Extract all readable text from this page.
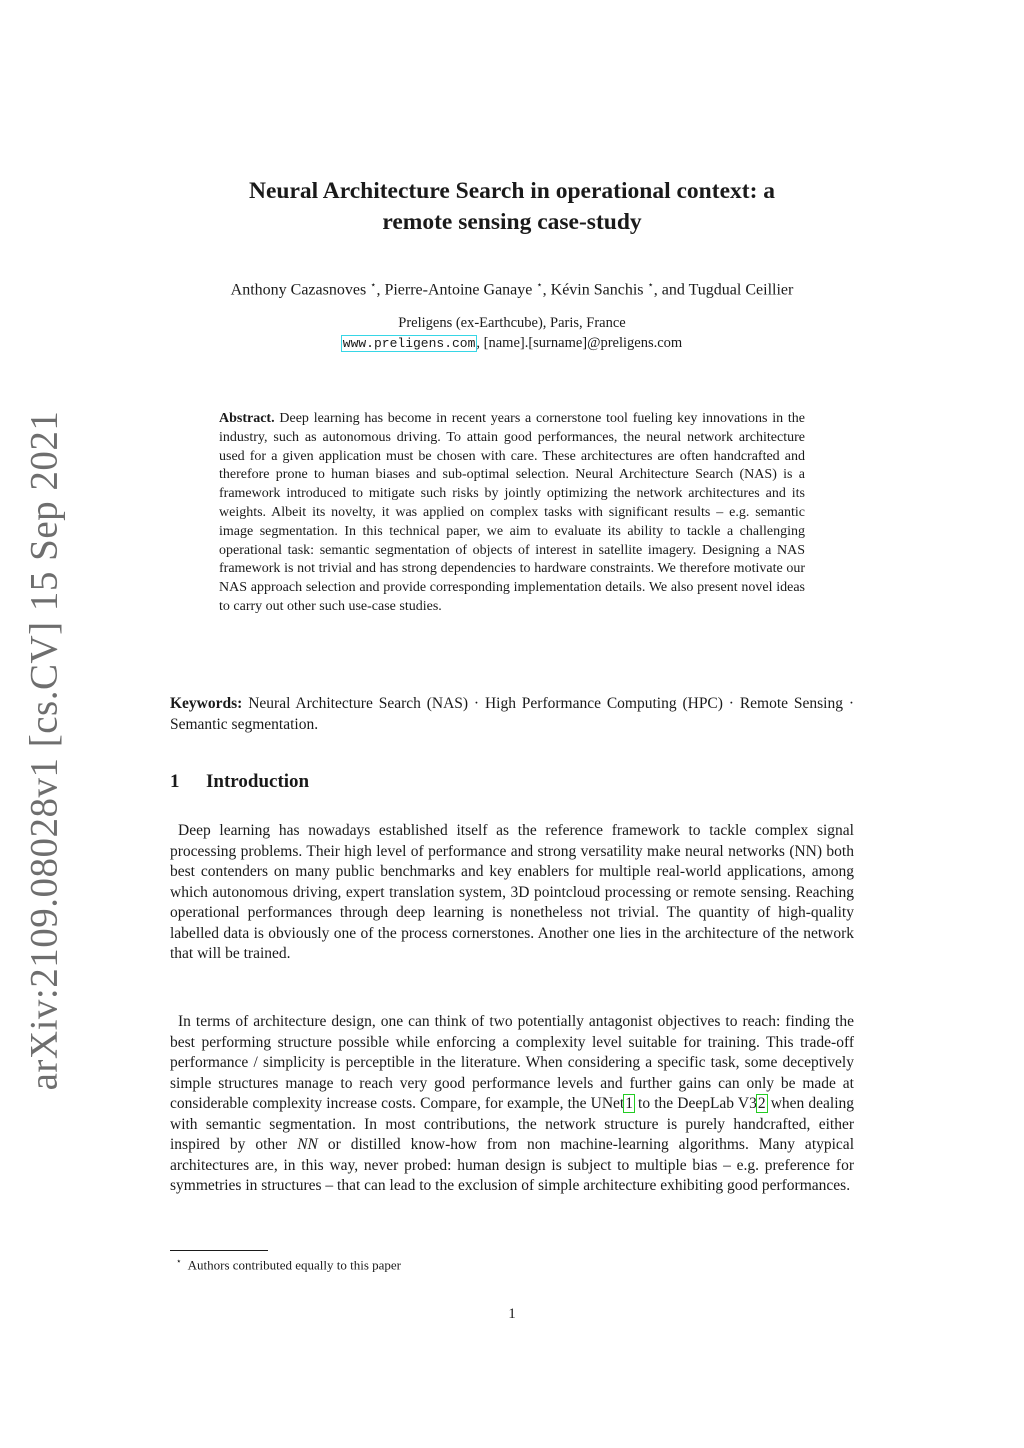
arXiv:2109.08028v1 [cs.CV] 15 Sep 2021
Neural Architecture Search in operational context: a
remote sensing case-study
Anthony Cazasnoves ⋆, Pierre-Antoine Ganaye ⋆, Kévin Sanchis ⋆, and Tugdual Ceillier
Preligens (ex-Earthcube), Paris, France
www.preligens.com, [name].[surname]@preligens.com
Abstract. Deep learning has become in recent years a cornerstone tool fueling key innovations in the industry, such as autonomous driving. To attain good performances, the neural network architecture used for a given application must be chosen with care. These architectures are often handcrafted and therefore prone to human biases and sub-optimal selection. Neural Architecture Search (NAS) is a framework introduced to mitigate such risks by jointly optimizing the network architectures and its weights. Albeit its novelty, it was applied on complex tasks with significant results – e.g. semantic image segmentation. In this technical paper, we aim to evaluate its ability to tackle a challenging operational task: semantic segmentation of objects of interest in satellite imagery. Designing a NAS framework is not trivial and has strong dependencies to hardware constraints. We therefore motivate our NAS approach selection and provide corresponding implementation details. We also present novel ideas to carry out other such use-case studies.
Keywords: Neural Architecture Search (NAS) · High Performance Computing (HPC) · Remote Sensing · Semantic segmentation.
1 Introduction

Deep learning has nowadays established itself as the reference framework to tackle complex signal processing problems. Their high level of performance and strong versatility make neural networks (NN) both best contenders on many public benchmarks and key enablers for multiple real-world applications, among which autonomous driving, expert translation system, 3D pointcloud processing or remote sensing. Reaching operational performances through deep learning is nonetheless not trivial. The quantity of high-quality labelled data is obviously one of the process cornerstones. Another one lies in the architecture of the network that will be trained.

In terms of architecture design, one can think of two potentially antagonist objectives to reach: finding the best performing structure possible while enforcing a complexity level suitable for training. This trade-off performance / simplicity is perceptible in the literature. When considering a specific task, some deceptively simple structures manage to reach very good performance levels and further gains can only be made at considerable complexity increase costs. Compare, for example, the UNet1 to the DeepLab V32 when dealing with semantic segmentation. In most contributions, the network structure is purely handcrafted, either inspired by other NN or distilled know-how from non machine-learning algorithms. Many atypical architectures are, in this way, never probed: human design is subject to multiple bias – e.g. preference for symmetries in structures – that can lead to the exclusion of simple architecture exhibiting good performances.

⋆ Authors contributed equally to this paper
1
